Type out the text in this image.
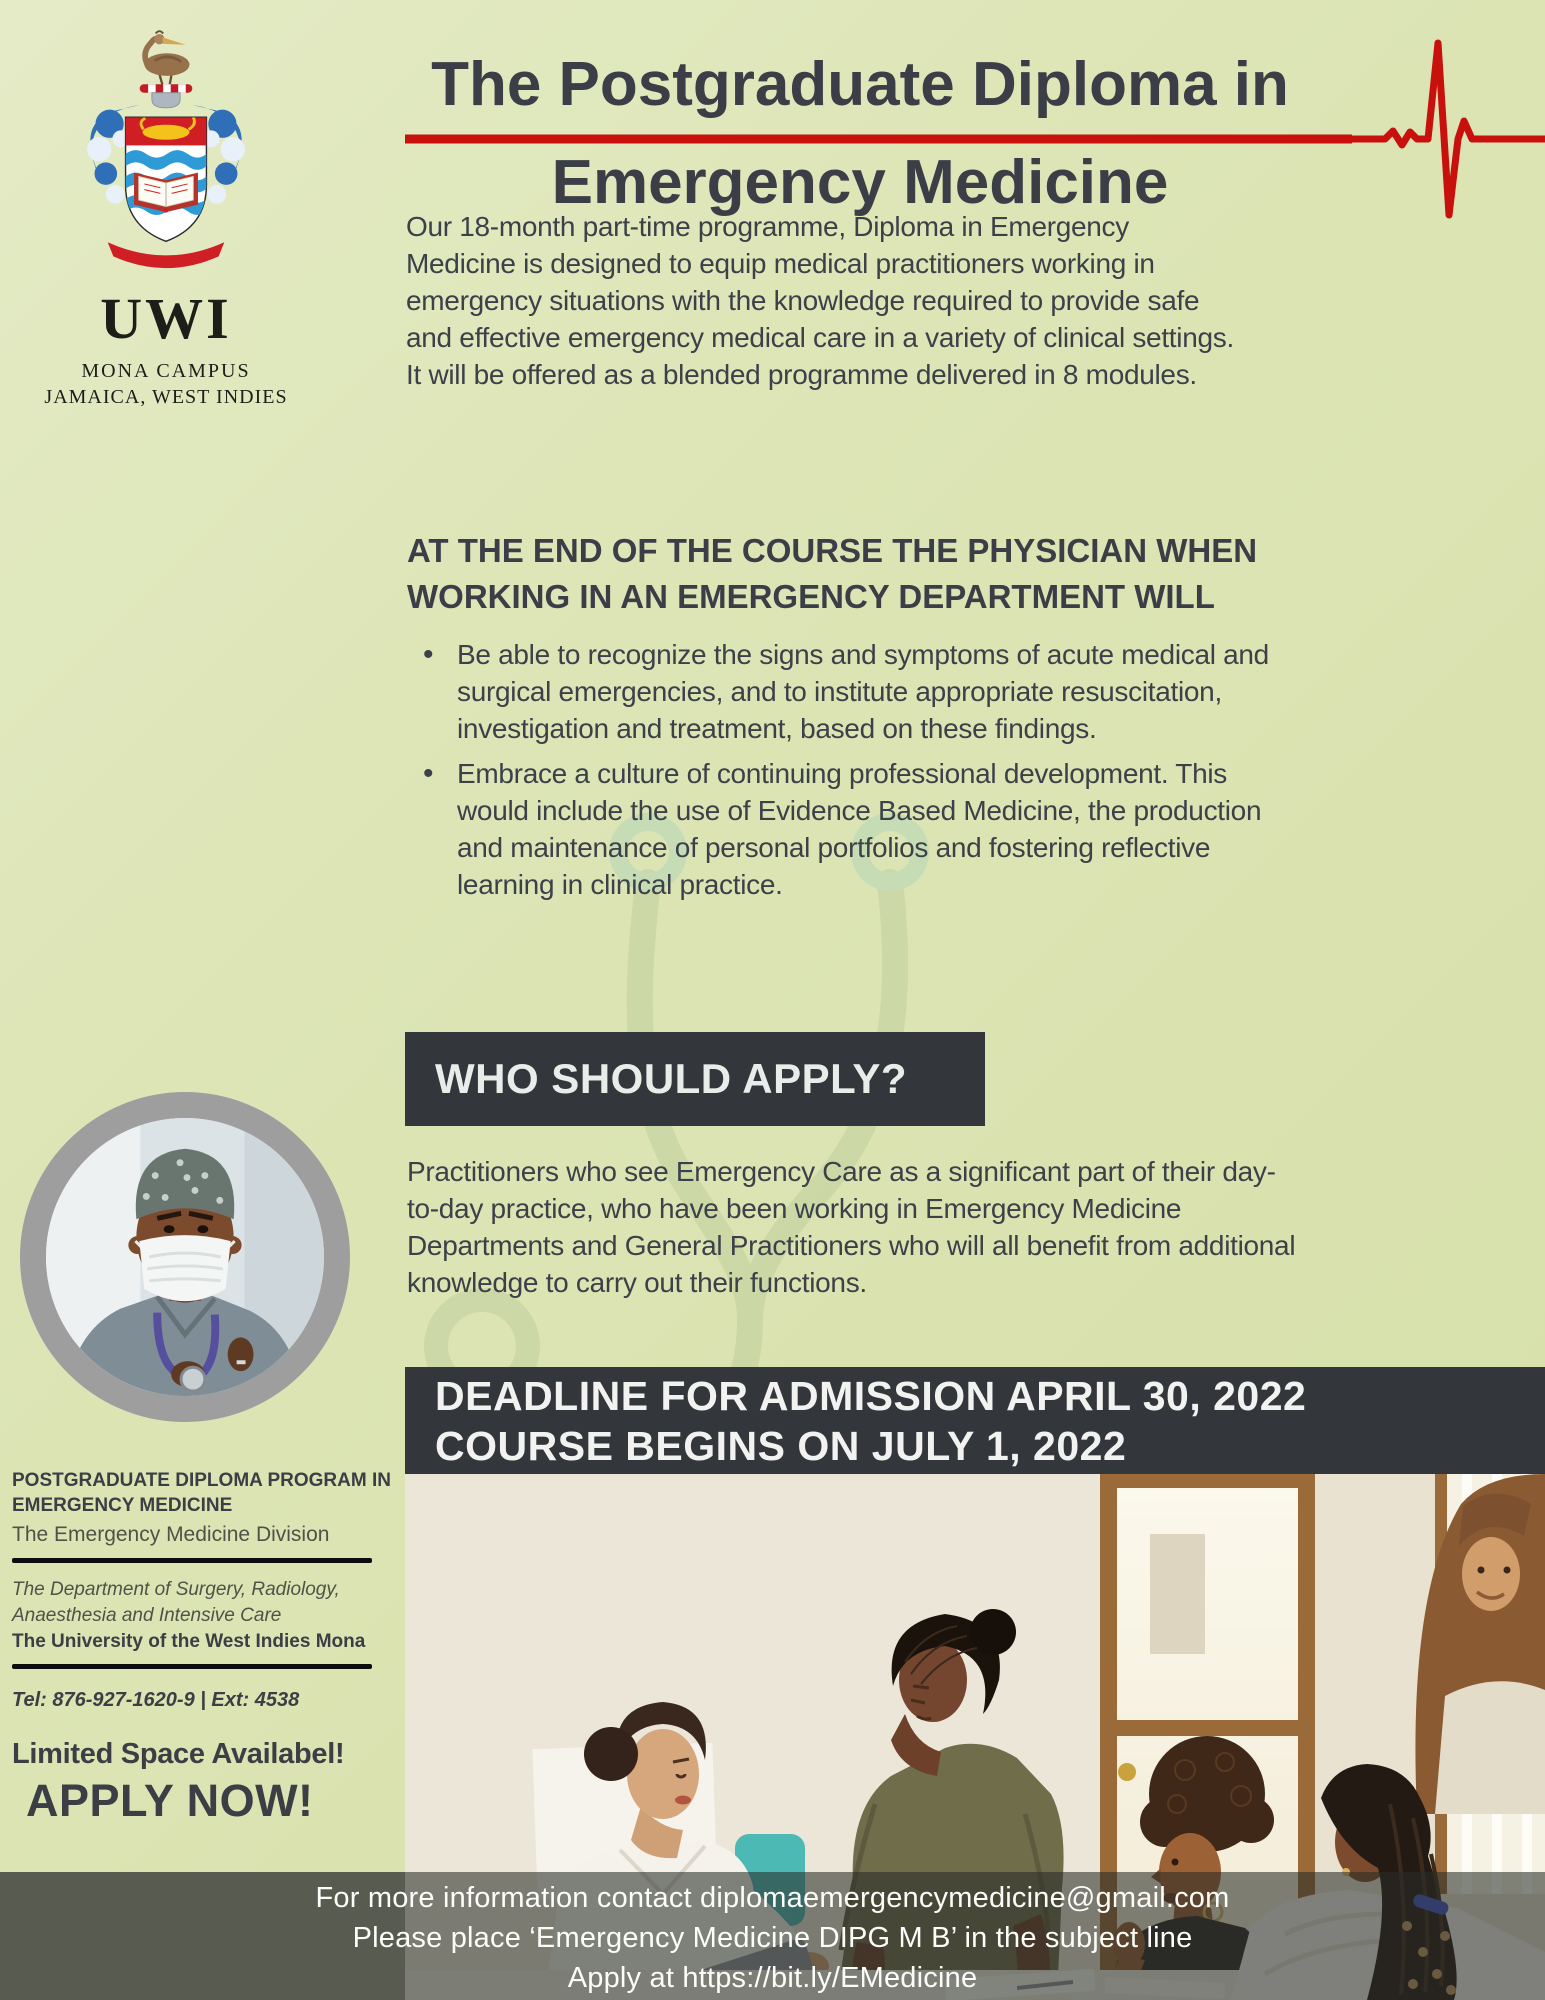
UWI
MONA CAMPUS
JAMAICA, WEST INDIES
The Postgraduate Diploma in
Emergency Medicine
Our 18-month part-time programme, Diploma in Emergency Medicine is designed to equip medical practitioners working in emergency situations with the knowledge required to provide safe and effective emergency medical care in a variety of clinical settings. It will be offered as a blended programme delivered in 8 modules.
AT THE END OF THE COURSE THE PHYSICIAN WHEN WORKING IN AN EMERGENCY DEPARTMENT WILL
• Be able to recognize the signs and symptoms of acute medical and surgical emergencies, and to institute appropriate resuscitation, investigation and treatment, based on these findings.
• Embrace a culture of continuing professional development. This would include the use of Evidence Based Medicine, the production and maintenance of personal portfolios and fostering reflective learning in clinical practice.
WHO SHOULD APPLY?
Practitioners who see Emergency Care as a significant part of their day-to-day practice, who have been working in Emergency Medicine Departments and General Practitioners who will all benefit from additional knowledge to carry out their functions.
DEADLINE FOR ADMISSION APRIL 30, 2022
COURSE BEGINS ON JULY 1, 2022
POSTGRADUATE DIPLOMA PROGRAM IN EMERGENCY MEDICINE
The Emergency Medicine Division
The Department of Surgery, Radiology, Anaesthesia and Intensive Care
The University of the West Indies Mona
Tel: 876-927-1620-9 | Ext: 4538
Limited Space Availabel!
APPLY NOW!
For more information contact diplomaemergencymedicine@gmail.com
Please place ‘Emergency Medicine DIPG M B’ in the subject line
Apply at https://bit.ly/EMedicine
